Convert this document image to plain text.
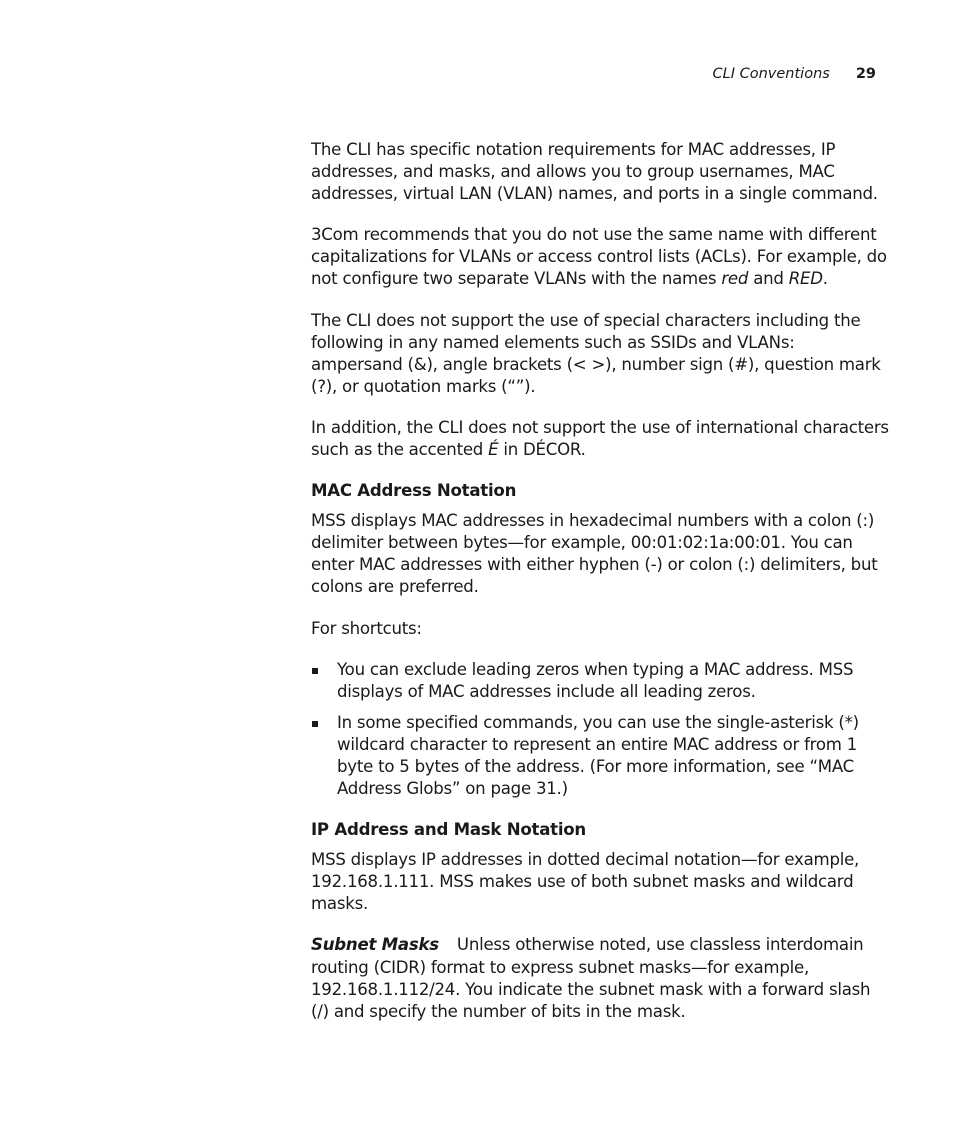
CLI Conventions 29

The CLI has specific notation requirements for MAC addresses, IP addresses, and masks, and allows you to group usernames, MAC addresses, virtual LAN (VLAN) names, and ports in a single command.

3Com recommends that you do not use the same name with different capitalizations for VLANs or access control lists (ACLs). For example, do not configure two separate VLANs with the names red and RED.

The CLI does not support the use of special characters including the following in any named elements such as SSIDs and VLANs: ampersand (&), angle brackets (< >), number sign (#), question mark (?), or quotation marks (“”).

In addition, the CLI does not support the use of international characters such as the accented É in DÉCOR.

MAC Address Notation

MSS displays MAC addresses in hexadecimal numbers with a colon (:) delimiter between bytes—for example, 00:01:02:1a:00:01. You can enter MAC addresses with either hyphen (-) or colon (:) delimiters, but colons are preferred.

For shortcuts:

You can exclude leading zeros when typing a MAC address. MSS displays of MAC addresses include all leading zeros.
In some specified commands, you can use the single-asterisk (*) wildcard character to represent an entire MAC address or from 1 byte to 5 bytes of the address. (For more information, see “MAC Address Globs” on page 31.)
IP Address and Mask Notation

MSS displays IP addresses in dotted decimal notation—for example, 192.168.1.111. MSS makes use of both subnet masks and wildcard masks.

Subnet Masks Unless otherwise noted, use classless interdomain routing (CIDR) format to express subnet masks—for example, 192.168.1.112/24. You indicate the subnet mask with a forward slash (/) and specify the number of bits in the mask.
